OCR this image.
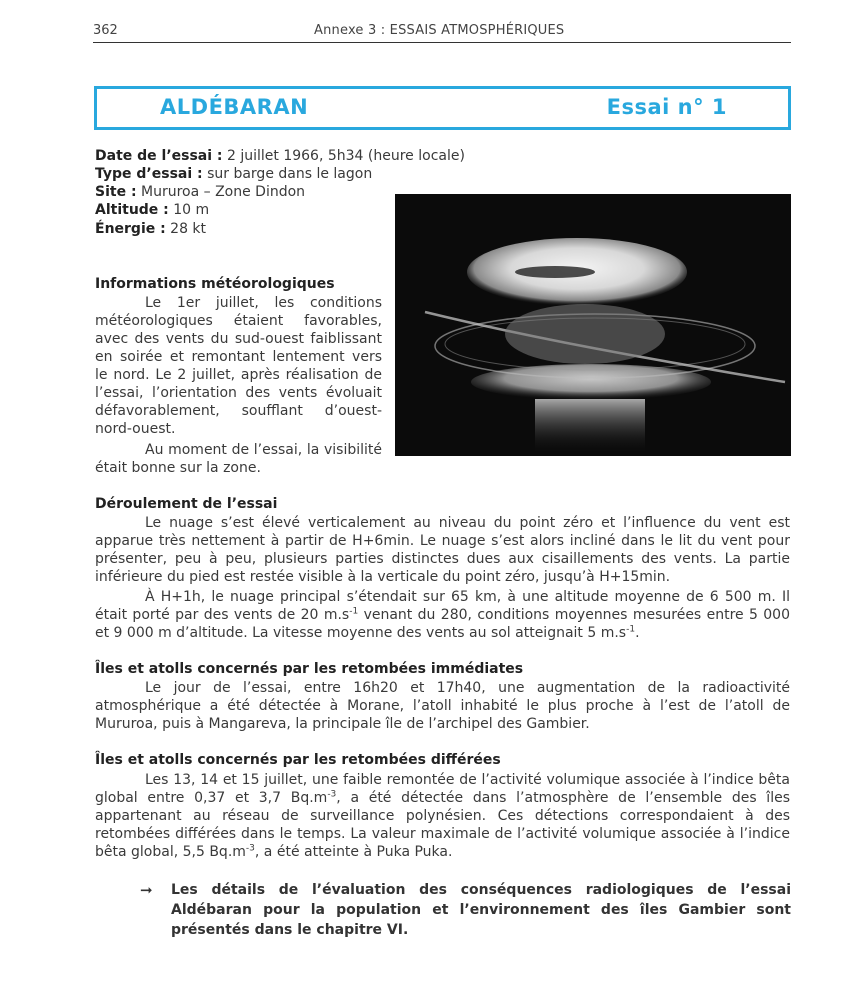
362	Annexe 3 : ESSAIS ATMOSPHÉRIQUES
ALDÉBARAN	Essai n° 1
Date de l’essai : 2 juillet 1966, 5h34 (heure locale)
Type d’essai : sur barge dans le lagon
Site : Mururoa – Zone Dindon
Altitude : 10 m
Énergie : 28 kt
Informations météorologiques
Le 1er juillet, les conditions météorologiques étaient favorables, avec des vents du sud-ouest faiblissant en soirée et remontant lentement vers le nord. Le 2 juillet, après réalisation de l’essai, l’orientation des vents évoluait défavorablement, soufflant d’ouest-nord-ouest.
Au moment de l’essai, la visibilité était bonne sur la zone.
Déroulement de l’essai
Le nuage s’est élevé verticalement au niveau du point zéro et l’influence du vent est apparue très nettement à partir de H+6min. Le nuage s’est alors incliné dans le lit du vent pour présenter, peu à peu, plusieurs parties distinctes dues aux cisaillements des vents. La partie inférieure du pied est restée visible à la verticale du point zéro, jusqu’à H+15min.
À H+1h, le nuage principal s’étendait sur 65 km, à une altitude moyenne de 6 500 m. Il était porté par des vents de 20 $m.s^{-1}$ venant du 280, conditions moyennes mesurées entre 5 000 et 9 000 m d’altitude. La vitesse moyenne des vents au sol atteignait 5 $m.s^{-1}$.
Îles et atolls concernés par les retombées immédiates
Le jour de l’essai, entre 16h20 et 17h40, une augmentation de la radioactivité atmosphérique a été détectée à Morane, l’atoll inhabité le plus proche à l’est de l’atoll de Mururoa, puis à Mangareva, la principale île de l’archipel des Gambier.
Îles et atolls concernés par les retombées différées
Les 13, 14 et 15 juillet, une faible remontée de l’activité volumique associée à l’indice bêta global entre 0,37 et 3,7 $Bq.m^{-3}$, a été détectée dans l’atmosphère de l’ensemble des îles appartenant au réseau de surveillance polynésien. Ces détections correspondaient à des retombées différées dans le temps. La valeur maximale de l’activité volumique associée à l’indice bêta global, 5,5 $Bq.m^{-3}$, a été atteinte à Puka Puka.
➞ Les détails de l’évaluation des conséquences radiologiques de l’essai Aldébaran pour la population et l’environnement des îles Gambier sont présentés dans le chapitre VI.
